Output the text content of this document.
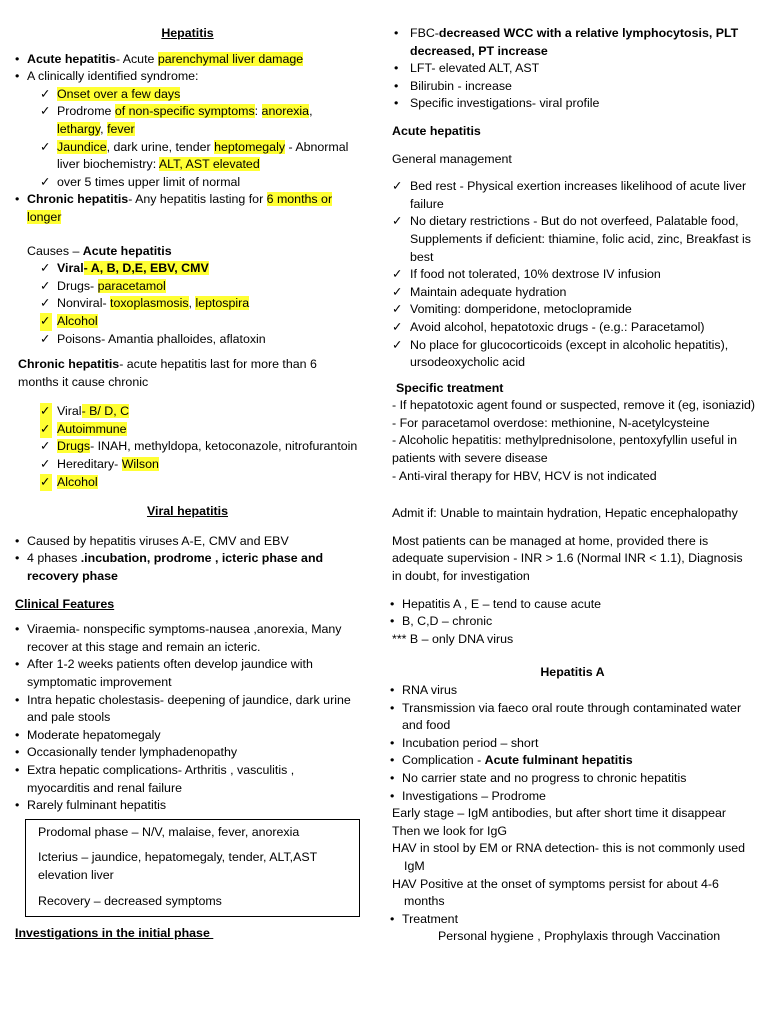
Hepatitis
• Acute hepatitis- Acute parenchymal liver damage
• A clinically identified syndrome:
✓ Onset over a few days
✓ Prodrome of non-specific symptoms: anorexia, lethargy, fever
✓ Jaundice, dark urine, tender heptomegaly - Abnormal liver biochemistry: ALT, AST elevated
✓ over 5 times upper limit of normal
• Chronic hepatitis- Any hepatitis lasting for 6 months or longer
Causes – Acute hepatitis
✓ Viral- A, B, D,E, EBV, CMV
✓ Drugs- paracetamol
✓ Nonviral- toxoplasmosis, leptospira
✓ Alcohol
✓ Poisons- Amantia phalloides, aflatoxin
Chronic hepatitis- acute hepatitis last for more than 6 months it cause chronic
✓ Viral- B/ D, C
✓ Autoimmune
✓ Drugs- INAH, methyldopa, ketoconazole, nitrofurantoin
✓ Hereditary- Wilson
✓ Alcohol
Viral hepatitis
• Caused by hepatitis viruses A-E, CMV and EBV
• 4 phases .incubation, prodrome , icteric phase and recovery phase
Clinical Features
• Viraemia- nonspecific symptoms-nausea ,anorexia, Many recover at this stage and remain an icteric.
• After 1-2 weeks patients often develop jaundice with symptomatic improvement
• Intra hepatic cholestasis- deepening of jaundice, dark urine and pale stools
• Moderate hepatomegaly
• Occasionally tender lymphadenopathy
• Extra hepatic complications- Arthritis , vasculitis , myocarditis and renal failure
• Rarely fulminant hepatitis

Prodomal phase – N/V, malaise, fever, anorexia

Icterius – jaundice, hepatomegaly, tender, ALT,AST elevation liver

Recovery – decreased symptoms

Investigations in the initial phase
• FBC-decreased WCC with a relative lymphocytosis, PLT decreased, PT increase
• LFT- elevated ALT, AST
• Bilirubin - increase
• Specific investigations- viral profile
Acute hepatitis
General management
✓ Bed rest - Physical exertion increases likelihood of acute liver failure
✓ No dietary restrictions - But do not overfeed, Palatable food, Supplements if deficient: thiamine, folic acid, zinc, Breakfast is best
✓ If food not tolerated, 10% dextrose IV infusion
✓ Maintain adequate hydration
✓ Vomiting: domperidone, metoclopramide
✓ Avoid alcohol, hepatotoxic drugs - (e.g.: Paracetamol)
✓ No place for glucocorticoids (except in alcoholic hepatitis), ursodeoxycholic acid
Specific treatment
- If hepatotoxic agent found or suspected, remove it (eg, isoniazid)
- For paracetamol overdose: methionine, N-acetylcysteine
- Alcoholic hepatitis: methylprednisolone, pentoxyfyllin useful in patients with severe disease
- Anti-viral therapy for HBV, HCV is not indicated
Admit if: Unable to maintain hydration, Hepatic encephalopathy
Most patients can be managed at home, provided there is adequate supervision - INR > 1.6 (Normal INR < 1.1), Diagnosis in doubt, for investigation
• Hepatitis A , E – tend to cause acute
• B, C,D – chronic
*** B – only DNA virus
Hepatitis A
• RNA virus
• Transmission via faeco oral route through contaminated water and food
• Incubation period – short
• Complication - Acute fulminant hepatitis
• No carrier state and no progress to chronic hepatitis
• Investigations – Prodrome
Early stage – IgM antibodies, but after short time it disappear
Then we look for IgG
HAV in stool by EM or RNA detection- this is not commonly used IgM
HAV Positive at the onset of symptoms persist for about 4-6 months
• Treatment
Personal hygiene , Prophylaxis through Vaccination
